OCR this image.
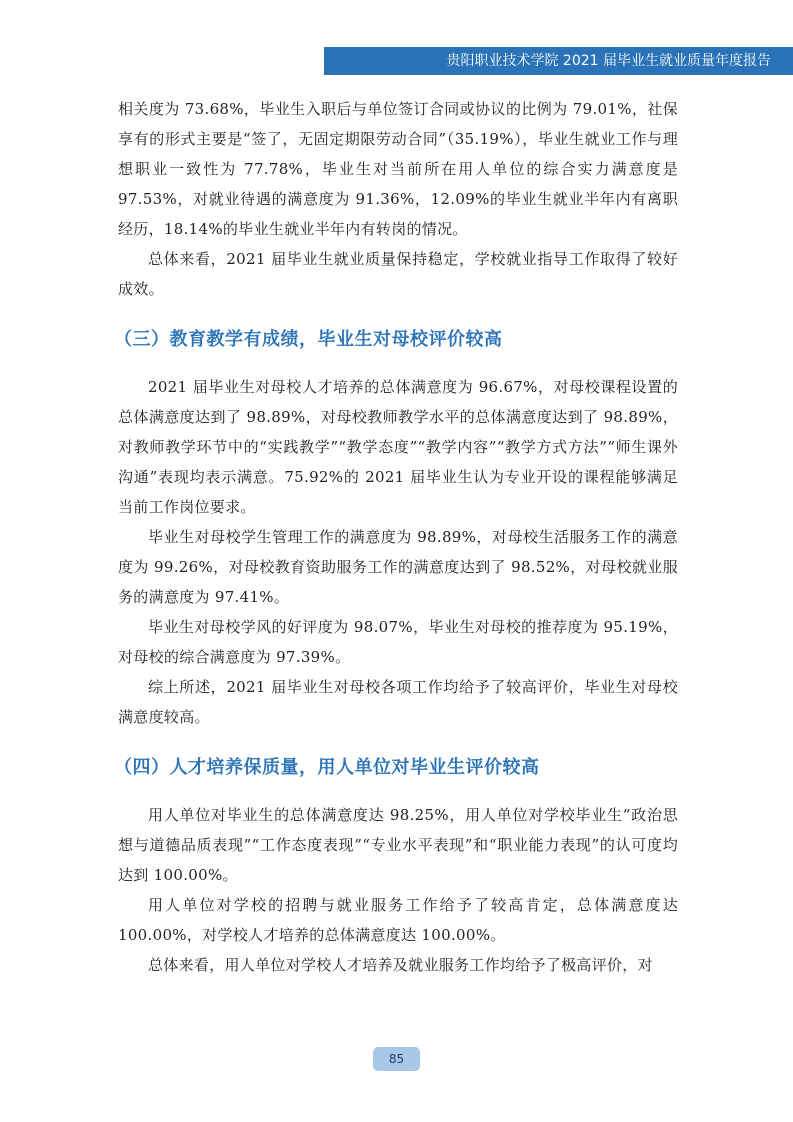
贵阳职业技术学院 2021 届毕业生就业质量年度报告

相关度为 73.68%，毕业生入职后与单位签订合同或协议的比例为 79.01%，社保享有的形式主要是“签了，无固定期限劳动合同”（35.19%），毕业生就业工作与理想职业一致性为 77.78%，毕业生对当前所在用人单位的综合实力满意度是 97.53%，对就业待遇的满意度为 91.36%，12.09%的毕业生就业半年内有离职经历，18.14%的毕业生就业半年内有转岗的情况。

总体来看，2021 届毕业生就业质量保持稳定，学校就业指导工作取得了较好成效。

（三）教育教学有成绩，毕业生对母校评价较高

2021 届毕业生对母校人才培养的总体满意度为 96.67%，对母校课程设置的总体满意度达到了 98.89%，对母校教师教学水平的总体满意度达到了 98.89%，对教师教学环节中的“实践教学”“教学态度”“教学内容”“教学方式方法”“师生课外沟通”表现均表示满意。75.92%的 2021 届毕业生认为专业开设的课程能够满足当前工作岗位要求。

毕业生对母校学生管理工作的满意度为 98.89%，对母校生活服务工作的满意度为 99.26%，对母校教育资助服务工作的满意度达到了 98.52%，对母校就业服务的满意度为 97.41%。

毕业生对母校学风的好评度为 98.07%，毕业生对母校的推荐度为 95.19%，对母校的综合满意度为 97.39%。

综上所述，2021 届毕业生对母校各项工作均给予了较高评价，毕业生对母校满意度较高。

（四）人才培养保质量，用人单位对毕业生评价较高

用人单位对毕业生的总体满意度达 98.25%，用人单位对学校毕业生“政治思想与道德品质表现”“工作态度表现”“专业水平表现”和“职业能力表现”的认可度均达到 100.00%。

用人单位对学校的招聘与就业服务工作给予了较高肯定，总体满意度达 100.00%，对学校人才培养的总体满意度达 100.00%。

总体来看，用人单位对学校人才培养及就业服务工作均给予了极高评价，对

85
